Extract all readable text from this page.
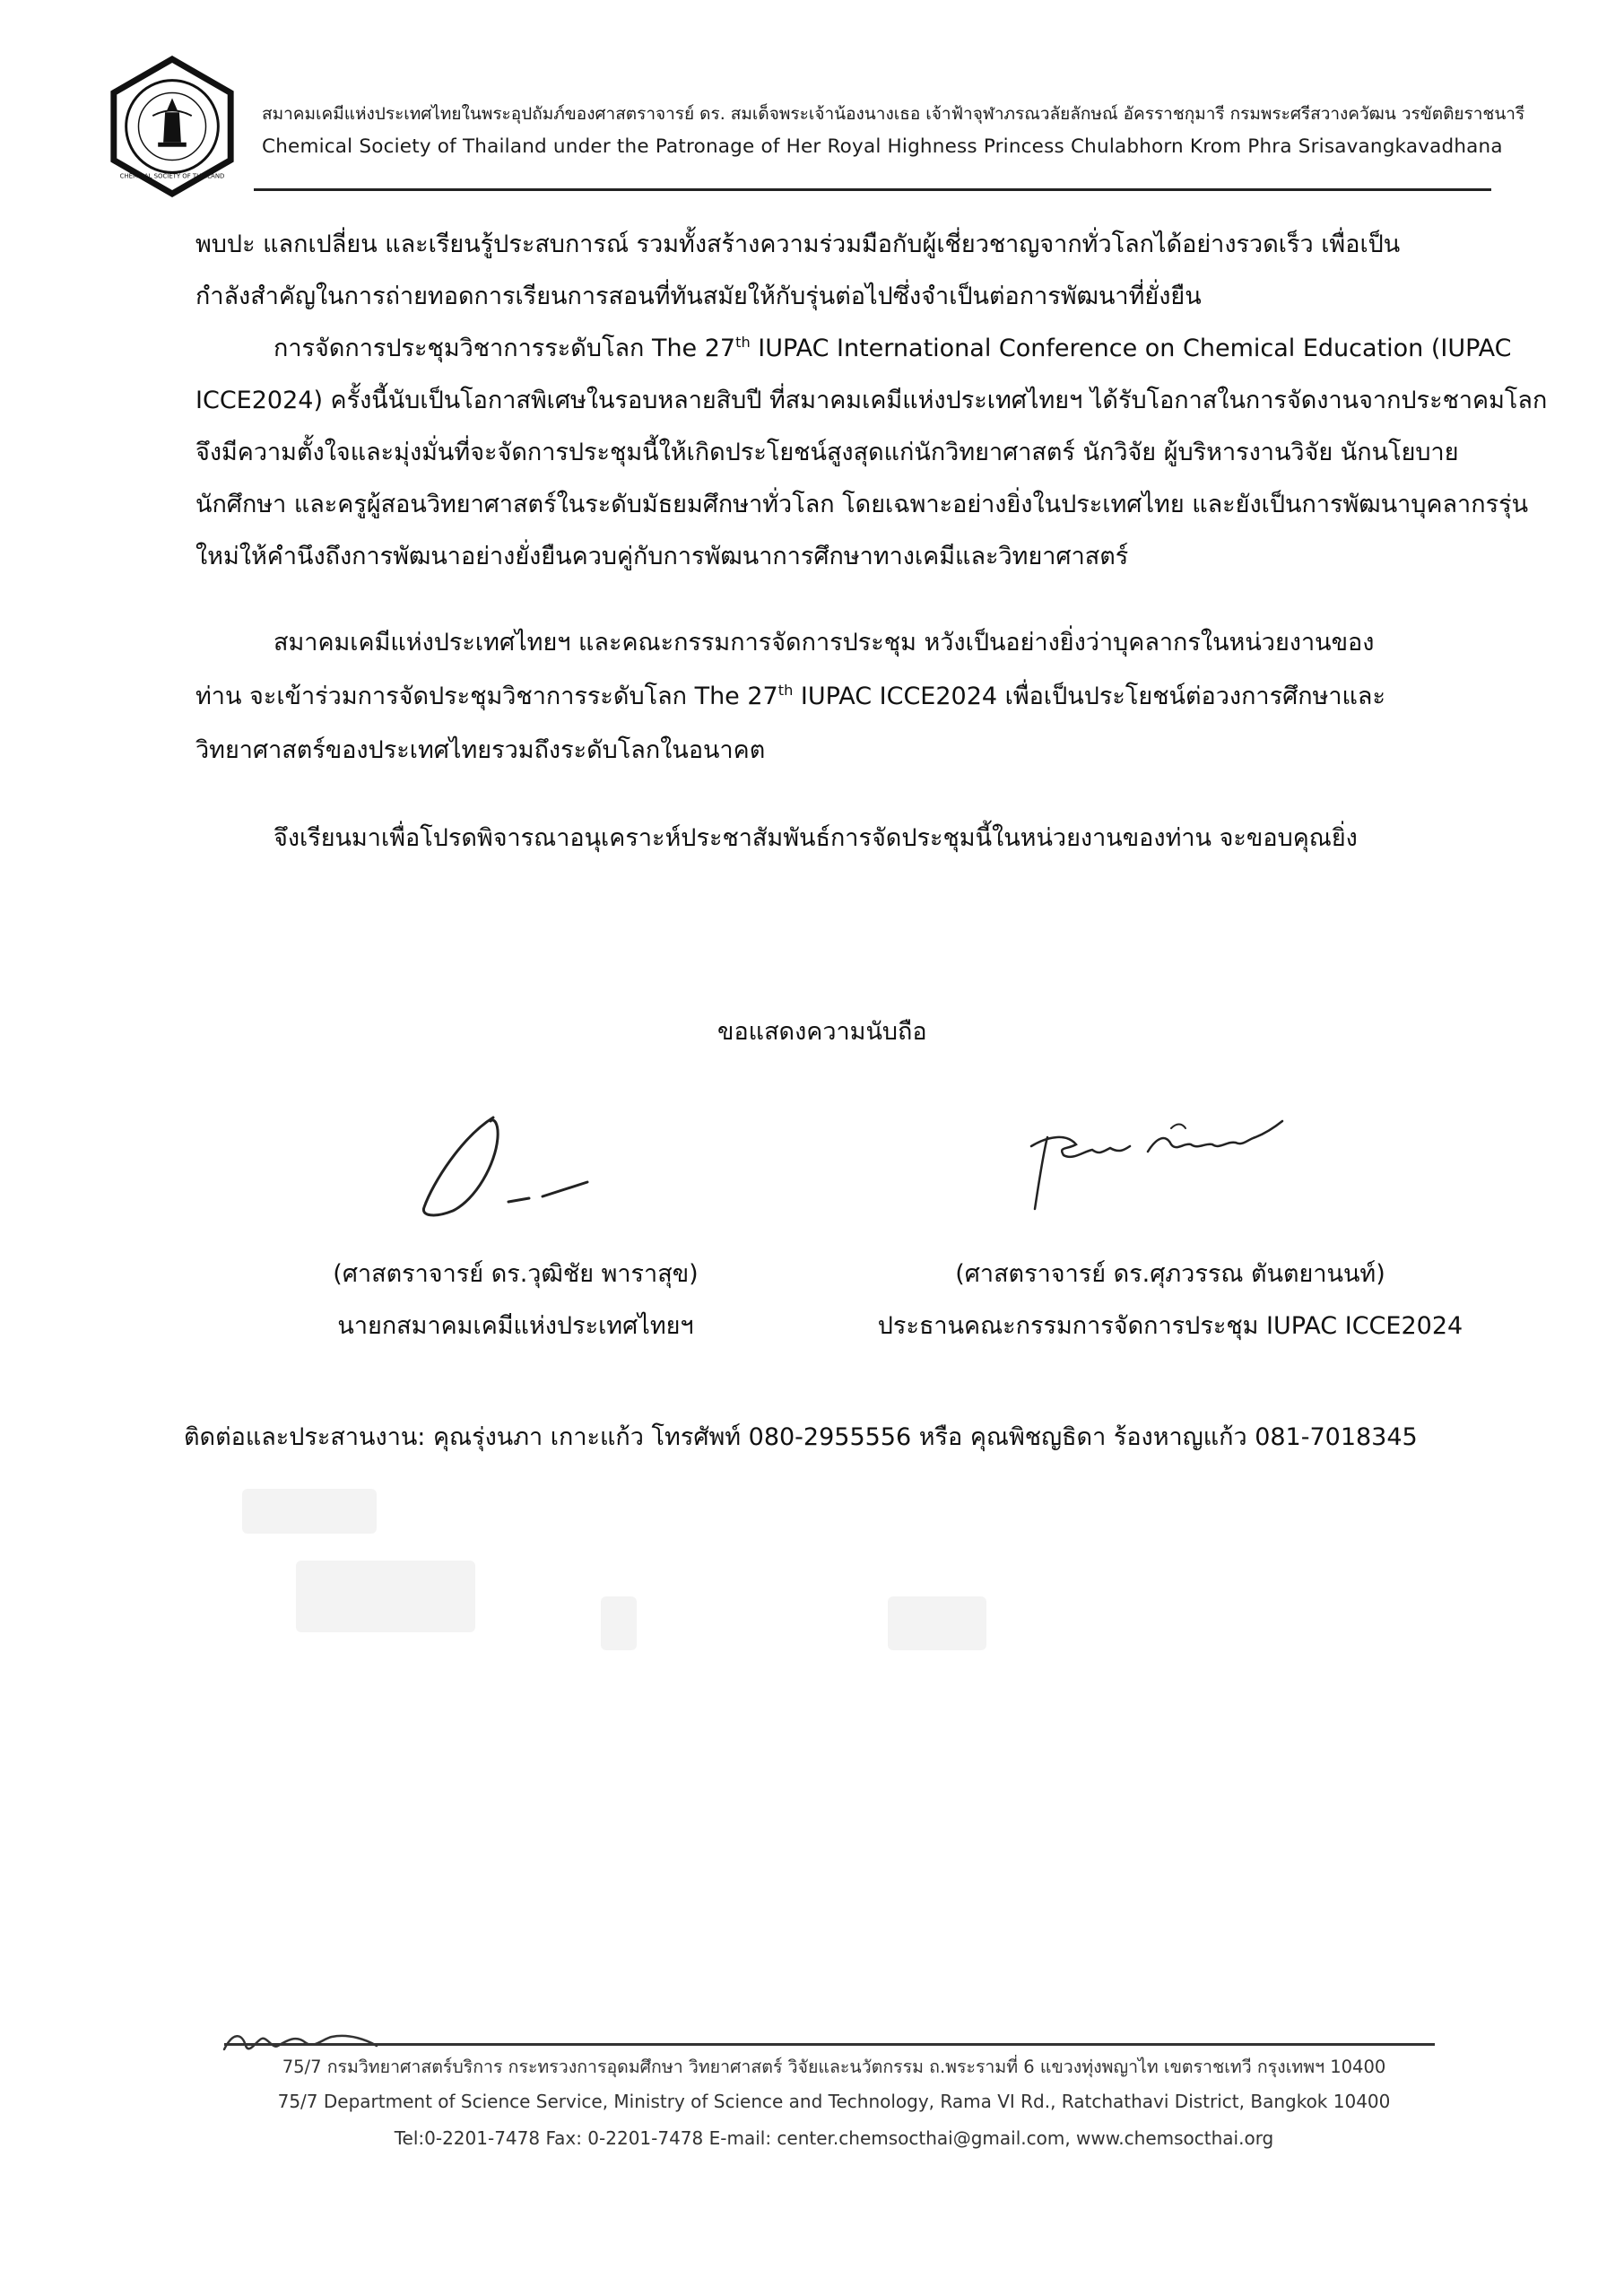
CHEMICAL SOCIETY OF THAILAND
สมาคมเคมีแห่งประเทศไทยในพระอุปถัมภ์ของศาสตราจารย์ ดร. สมเด็จพระเจ้าน้องนางเธอ เจ้าฟ้าจุฬาภรณวลัยลักษณ์ อัครราชกุมารี กรมพระศรีสวางควัฒน วรขัตติยราชนารี
Chemical Society of Thailand under the Patronage of Her Royal Highness Princess Chulabhorn Krom Phra Srisavangkavadhana
พบปะ แลกเปลี่ยน และเรียนรู้ประสบการณ์ รวมทั้งสร้างความร่วมมือกับผู้เชี่ยวชาญจากทั่วโลกได้อย่างรวดเร็ว เพื่อเป็น
กำลังสำคัญในการถ่ายทอดการเรียนการสอนที่ทันสมัยให้กับรุ่นต่อไปซึ่งจำเป็นต่อการพัฒนาที่ยั่งยืน
การจัดการประชุมวิชาการระดับโลก The 27th IUPAC International Conference on Chemical Education (IUPAC
ICCE2024) ครั้งนี้นับเป็นโอกาสพิเศษในรอบหลายสิบปี ที่สมาคมเคมีแห่งประเทศไทยฯ ได้รับโอกาสในการจัดงานจากประชาคมโลก
จึงมีความตั้งใจและมุ่งมั่นที่จะจัดการประชุมนี้ให้เกิดประโยชน์สูงสุดแก่นักวิทยาศาสตร์ นักวิจัย ผู้บริหารงานวิจัย นักนโยบาย
นักศึกษา และครูผู้สอนวิทยาศาสตร์ในระดับมัธยมศึกษาทั่วโลก โดยเฉพาะอย่างยิ่งในประเทศไทย และยังเป็นการพัฒนาบุคลากรรุ่น
ใหม่ให้คำนึงถึงการพัฒนาอย่างยั่งยืนควบคู่กับการพัฒนาการศึกษาทางเคมีและวิทยาศาสตร์
สมาคมเคมีแห่งประเทศไทยฯ และคณะกรรมการจัดการประชุม หวังเป็นอย่างยิ่งว่าบุคลากรในหน่วยงานของ
ท่าน จะเข้าร่วมการจัดประชุมวิชาการระดับโลก The 27th IUPAC ICCE2024 เพื่อเป็นประโยชน์ต่อวงการศึกษาและ
วิทยาศาสตร์ของประเทศไทยรวมถึงระดับโลกในอนาคต
จึงเรียนมาเพื่อโปรดพิจารณาอนุเคราะห์ประชาสัมพันธ์การจัดประชุมนี้ในหน่วยงานของท่าน จะขอบคุณยิ่ง
ขอแสดงความนับถือ
(ศาสตราจารย์ ดร.วุฒิชัย พาราสุข)
นายกสมาคมเคมีแห่งประเทศไทยฯ
(ศาสตราจารย์ ดร.ศุภวรรณ ตันตยานนท์)
ประธานคณะกรรมการจัดการประชุม IUPAC ICCE2024
ติดต่อและประสานงาน: คุณรุ่งนภา เกาะแก้ว โทรศัพท์ 080-2955556 หรือ คุณพิชญธิดา ร้องหาญแก้ว 081-7018345
75/7 กรมวิทยาศาสตร์บริการ กระทรวงการอุดมศึกษา วิทยาศาสตร์ วิจัยและนวัตกรรม ถ.พระรามที่ 6 แขวงทุ่งพญาไท เขตราชเทวี กรุงเทพฯ 10400
75/7 Department of Science Service, Ministry of Science and Technology, Rama VI Rd., Ratchathavi District, Bangkok 10400
Tel:0-2201-7478 Fax: 0-2201-7478 E-mail: center.chemsocthai@gmail.com, www.chemsocthai.org
